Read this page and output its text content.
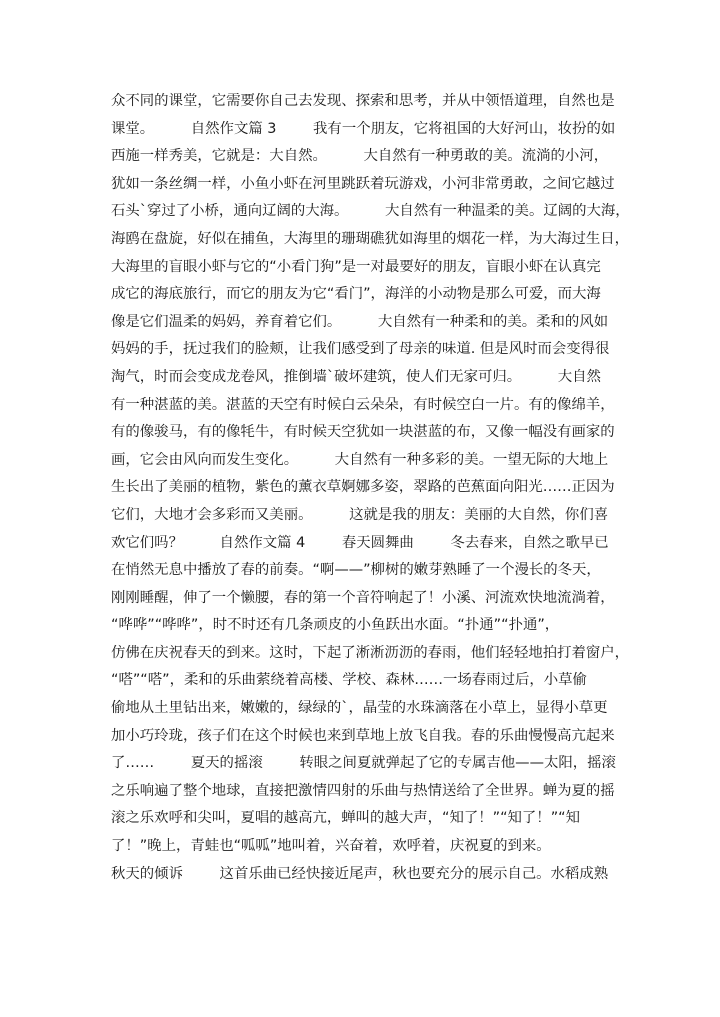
众不同的课堂，它需要你自己去发现、探索和思考，并从中领悟道理，自然也是
课堂。        自然作文篇 3        我有一个朋友，它将祖国的大好河山，妆扮的如
西施一样秀美，它就是：大自然。        大自然有一种勇敢的美。流淌的小河，
犹如一条丝绸一样，小鱼小虾在河里跳跃着玩游戏，小河非常勇敢，之间它越过
石头`穿过了小桥，通向辽阔的大海。        大自然有一种温柔的美。辽阔的大海，
海鸥在盘旋，好似在捕鱼，大海里的珊瑚礁犹如海里的烟花一样，为大海过生日，
大海里的盲眼小虾与它的“小看门狗”是一对最要好的朋友，盲眼小虾在认真完
成它的海底旅行，而它的朋友为它“看门”，海洋的小动物是那么可爱，而大海
像是它们温柔的妈妈，养育着它们。        大自然有一种柔和的美。柔和的风如
妈妈的手，抚过我们的脸颊，让我们感受到了母亲的味道. 但是风时而会变得很
淘气，时而会变成龙卷风，推倒墙`破坏建筑，使人们无家可归。        大自然
有一种湛蓝的美。湛蓝的天空有时候白云朵朵，有时候空白一片。有的像绵羊，
有的像骏马，有的像牦牛，有时候天空犹如一块湛蓝的布，又像一幅没有画家的
画，它会由风向而发生变化。        大自然有一种多彩的美。一望无际的大地上
生长出了美丽的植物，紫色的薰衣草婀娜多姿，翠路的芭蕉面向阳光……正因为
它们，大地才会多彩而又美丽。        这就是我的朋友：美丽的大自然，你们喜
欢它们吗？        自然作文篇 4        春天圆舞曲        冬去春来，自然之歌早已
在悄然无息中播放了春的前奏。“啊——”柳树的嫩芽熟睡了一个漫长的冬天，
刚刚睡醒，伸了一个懒腰，春的第一个音符响起了！小溪、河流欢快地流淌着，
“哗哗”“哗哗”，时不时还有几条顽皮的小鱼跃出水面。“扑通”“扑通”，
仿佛在庆祝春天的到来。这时，下起了淅淅沥沥的春雨，他们轻轻地拍打着窗户，
“嗒”“嗒”，柔和的乐曲萦绕着高楼、学校、森林……一场春雨过后，小草偷
偷地从土里钻出来，嫩嫩的，绿绿的`，晶莹的水珠滴落在小草上，显得小草更
加小巧玲珑，孩子们在这个时候也来到草地上放飞自我。春的乐曲慢慢高亢起来
了……        夏天的摇滚        转眼之间夏就弹起了它的专属吉他——太阳，摇滚
之乐响遍了整个地球，直接把激情四射的乐曲与热情送给了全世界。蝉为夏的摇
滚之乐欢呼和尖叫，夏唱的越高亢，蝉叫的越大声，“知了！”“知了！”“知
了！”晚上，青蛙也“呱呱”地叫着，兴奋着，欢呼着，庆祝夏的到来。
秋天的倾诉        这首乐曲已经快接近尾声，秋也要充分的展示自己。水稻成熟
